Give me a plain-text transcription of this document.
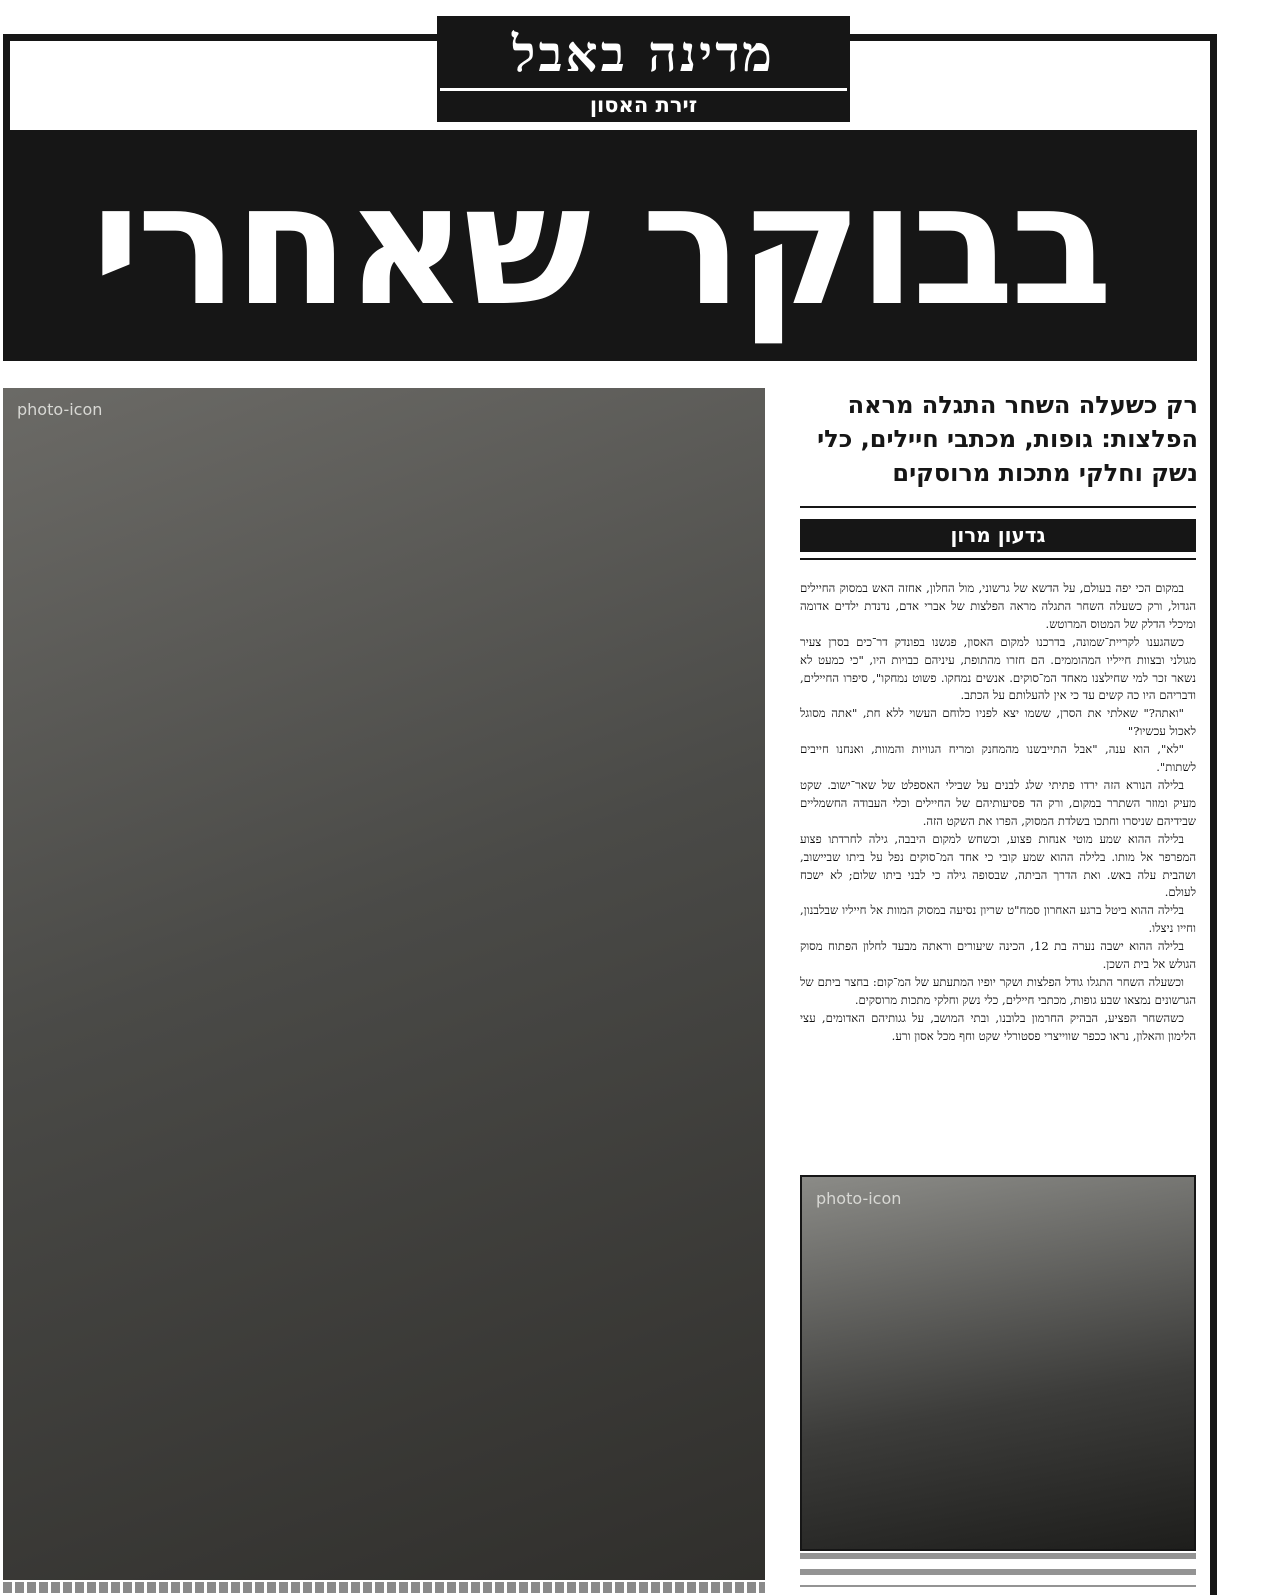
מדינה באבל
זירת האסון
בבוקר שאחרי
photo-icon	רק כשעלה השחר התגלה מראה הפלצות: גופות, מכתבי חיילים, כלי נשק וחלקי מתכות מרוסקים
גדעון מרון

במקום הכי יפה בעולם, על הדשא של גרשוני, מול החלון, אחזה האש במסוק החיילים הגדול, ורק כשעלה השחר התגלה מראה הפלצות של אברי אדם, נדנדת ילדים אדומה ומיכלי הדלק של המטוס המרוטש.

כשהגענו לקריית־שמונה, בדרכנו למקום האסון, פגשנו בפונדק דר־כים בסרן צעיר מגולני ובצוות חייליו המהוממים. הם חזרו מהתופת, עיניהם כבויות היו, "כי כמעט לא נשאר זכר למי שחילצנו מאחד המ־סוקים. אנשים נמחקו. פשוט נמחקו", סיפרו החיילים, ודבריהם היו כה קשים עד כי אין להעלותם על הכתב.

"ואתה?" שאלתי את הסרן, ששמו יצא לפניו כלוחם העשוי ללא חת, "אתה מסוגל לאכול עכשיו?"

"לא", הוא ענה, "אבל התייבשנו מהמחנק ומריח הגוויות והמוות, ואנחנו חייבים לשתות".

בלילה הנורא הזה ירדו פתיתי שלג לבנים על שבילי האספלט של שאר־ישוב. שקט מעיק ומוזר השתרר במקום, ורק הד פסיעותיהם של החיילים וכלי העבודה החשמליים שבידיהם שניסרו וחתכו בשלדת המסוק, הפרו את השקט הזה.

בלילה ההוא שמע מוטי אנחות פצוע, וכשחש למקום היבבה, גילה לחרדתו פצוע המפרפר אל מותו. בלילה ההוא שמע קובי כי אחד המ־סוקים נפל על ביתו שביישוב, ושהבית עלה באש. ואת הדרך הביתה, שבסופה גילה כי לבני ביתו שלום; לא ישכח לעולם.

בלילה ההוא ביטל ברגע האחרון סמח"ט שריון נסיעה במסוק המוות אל חייליו שבלבנון, וחייו ניצלו.

בלילה ההוא ישבה נערה בת 12, הכינה שיעורים וראתה מבעד לחלון הפתוח מסוק הגולש אל בית השכן.

וכשעלה השחר התגלו גודל הפלצות ושקר יופיו המתעתע של המ־קום: בחצר ביתם של הגרשונים נמצאו שבע גופות, מכתבי חיילים, כלי נשק וחלקי מתכות מרוסקים.

כשהשחר הפציע, הבהיק החרמון בלובנו, ובתי המושב, על גגותיהם האדומים, עצי הלימון והאלון, נראו ככפר שווייצרי פסטורלי שקט וחף מכל אסון ורע.

photo-icon
